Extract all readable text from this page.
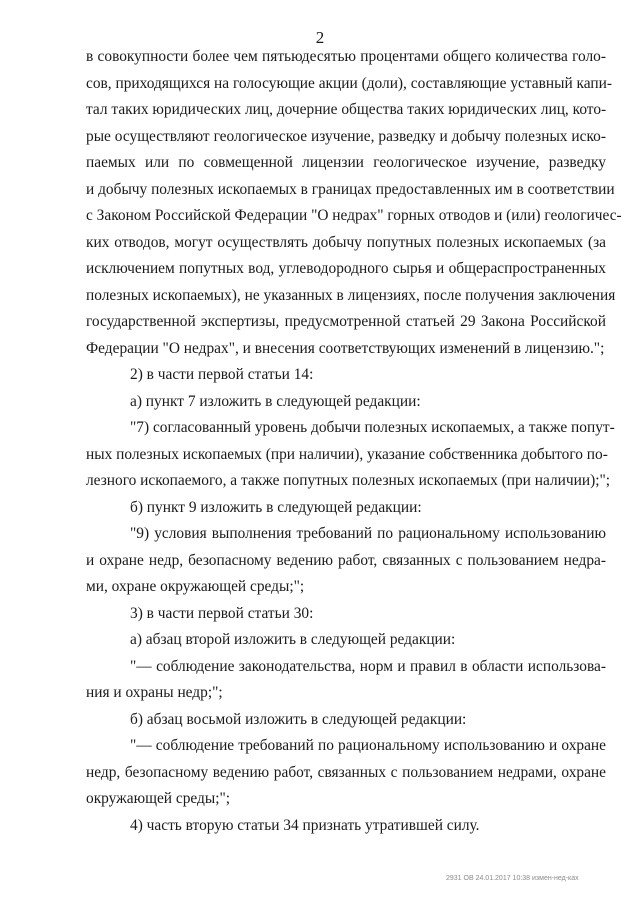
2
в совокупности более чем пятьюдесятью процентами общего количества голо-
сов, приходящихся на голосующие акции (доли), составляющие уставный капи-
тал таких юридических лиц, дочерние общества таких юридических лиц, кото-
рые осуществляют геологическое изучение, разведку и добычу полезных иско-
паемых или по совмещенной лицензии геологическое изучение, разведку
и добычу полезных ископаемых в границах предоставленных им в соответствии
с Законом Российской Федерации "О недрах" горных отводов и (или) геологичес-
ких отводов, могут осуществлять добычу попутных полезных ископаемых (за
исключением попутных вод, углеводородного сырья и общераспространенных
полезных ископаемых), не указанных в лицензиях, после получения заключения
государственной экспертизы, предусмотренной статьей 29 Закона Российской
Федерации "О недрах", и внесения соответствующих изменений в лицензию.";
2) в части первой статьи 14:
а) пункт 7 изложить в следующей редакции:
"7) согласованный уровень добычи полезных ископаемых, а также попут-
ных полезных ископаемых (при наличии), указание собственника добытого по-
лезного ископаемого, а также попутных полезных ископаемых (при наличии);";
б) пункт 9 изложить в следующей редакции:
"9) условия выполнения требований по рациональному использованию
и охране недр, безопасному ведению работ, связанных с пользованием недра-
ми, охране окружающей среды;";
3) в части первой статьи 30:
а) абзац второй изложить в следующей редакции:
"— соблюдение законодательства, норм и правил в области использова-
ния и охраны недр;";
б) абзац восьмой изложить в следующей редакции:
"— соблюдение требований по рациональному использованию и охране
недр, безопасному ведению работ, связанных с пользованием недрами, охране
окружающей среды;";
4) часть вторую статьи 34 признать утратившей силу.
2931 ОВ 24.01.2017 10:38 измен-нед-ках
